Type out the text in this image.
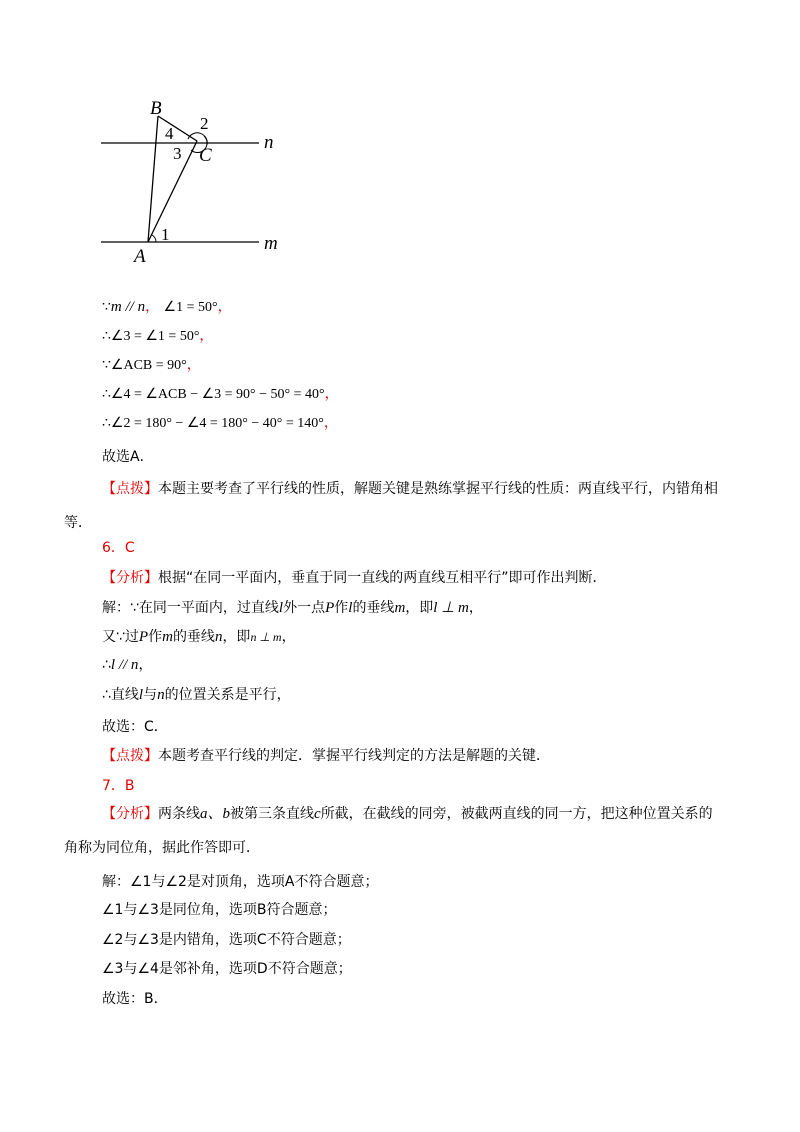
B
C
A
n
m
1
2
3
4
∵m // n， ∠1 = 50°，
∴∠3 = ∠1 = 50°，
∵∠ACB = 90°，
∴∠4 = ∠ACB − ∠3 = 90° − 50° = 40°，
∴∠2 = 180° − ∠4 = 180° − 40° = 140°，
故选A．
【点拨】本题主要考查了平行线的性质，解题关键是熟练掌握平行线的性质：两直线平行，内错角相
等．
6．C
【分析】根据“在同一平面内，垂直于同一直线的两直线互相平行”即可作出判断．
解：∵在同一平面内，过直线l外一点P作l的垂线m，即l ⊥ m，
又∵过P作m的垂线n，即n ⊥ m，
∴l // n，
∴直线l与n的位置关系是平行，
故选：C．
【点拨】本题考查平行线的判定．掌握平行线判定的方法是解题的关键．
7．B
【分析】两条线a、b被第三条直线c所截，在截线的同旁，被截两直线的同一方，把这种位置关系的
角称为同位角，据此作答即可．
解：∠1与∠2是对顶角，选项A不符合题意；
∠1与∠3是同位角，选项B符合题意；
∠2与∠3是内错角，选项C不符合题意；
∠3与∠4是邻补角，选项D不符合题意；
故选：B．
